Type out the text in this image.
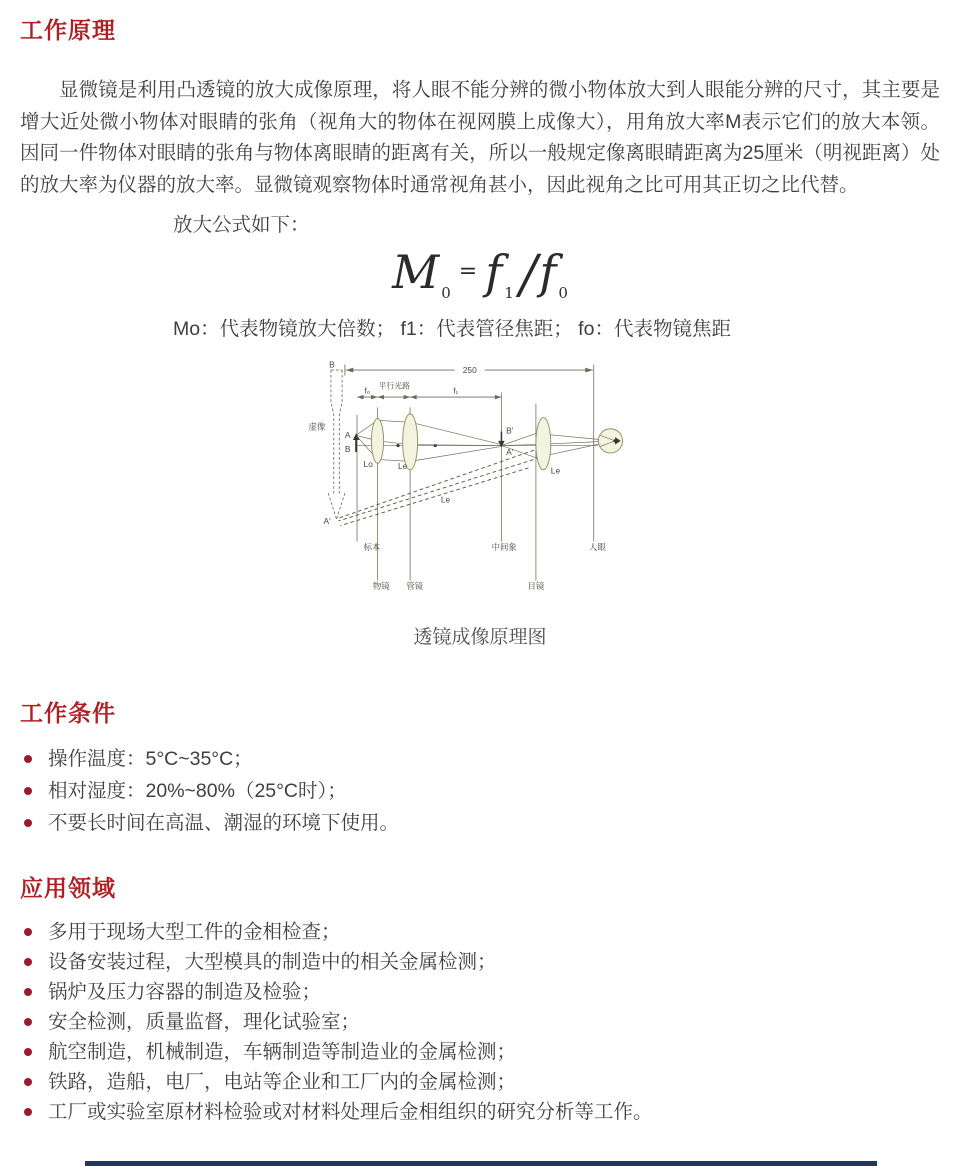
工作原理

显微镜是利用凸透镜的放大成像原理，将人眼不能分辨的微小物体放大到人眼能分辨的尺寸，其主要是增大近处微小物体对眼睛的张角（视角大的物体在视网膜上成像大），用角放大率M表示它们的放大本领。因同一件物体对眼睛的张角与物体离眼睛的距离有关，所以一般规定像离眼睛距离为25厘米（明视距离）处的放大率为仪器的放大率。显微镜观察物体时通常视角甚小，因此视角之比可用其正切之比代替。

放大公式如下：
M 0= f 1 /f 0
Mo：代表物镜放大倍数； f1：代表管径焦距； fo：代表物镜焦距
250
B
虚像
A′
f₀
平行光路
f₁
Le
A
B
Lo	Le	Le
B′
A′
标本
物镜 管镜
中间象
目镜
人眼

透镜成像原理图

工作条件
操作温度：5°C~35°C；
相对湿度：20%~80%（25°C时）；
不要长时间在高温、潮湿的环境下使用。
应用领域
多用于现场大型工件的金相检查；
设备安装过程，大型模具的制造中的相关金属检测；
锅炉及压力容器的制造及检验；
安全检测，质量监督，理化试验室；
航空制造，机械制造，车辆制造等制造业的金属检测；
铁路，造船，电厂，电站等企业和工厂内的金属检测；
工厂或实验室原材料检验或对材料处理后金相组织的研究分析等工作。
